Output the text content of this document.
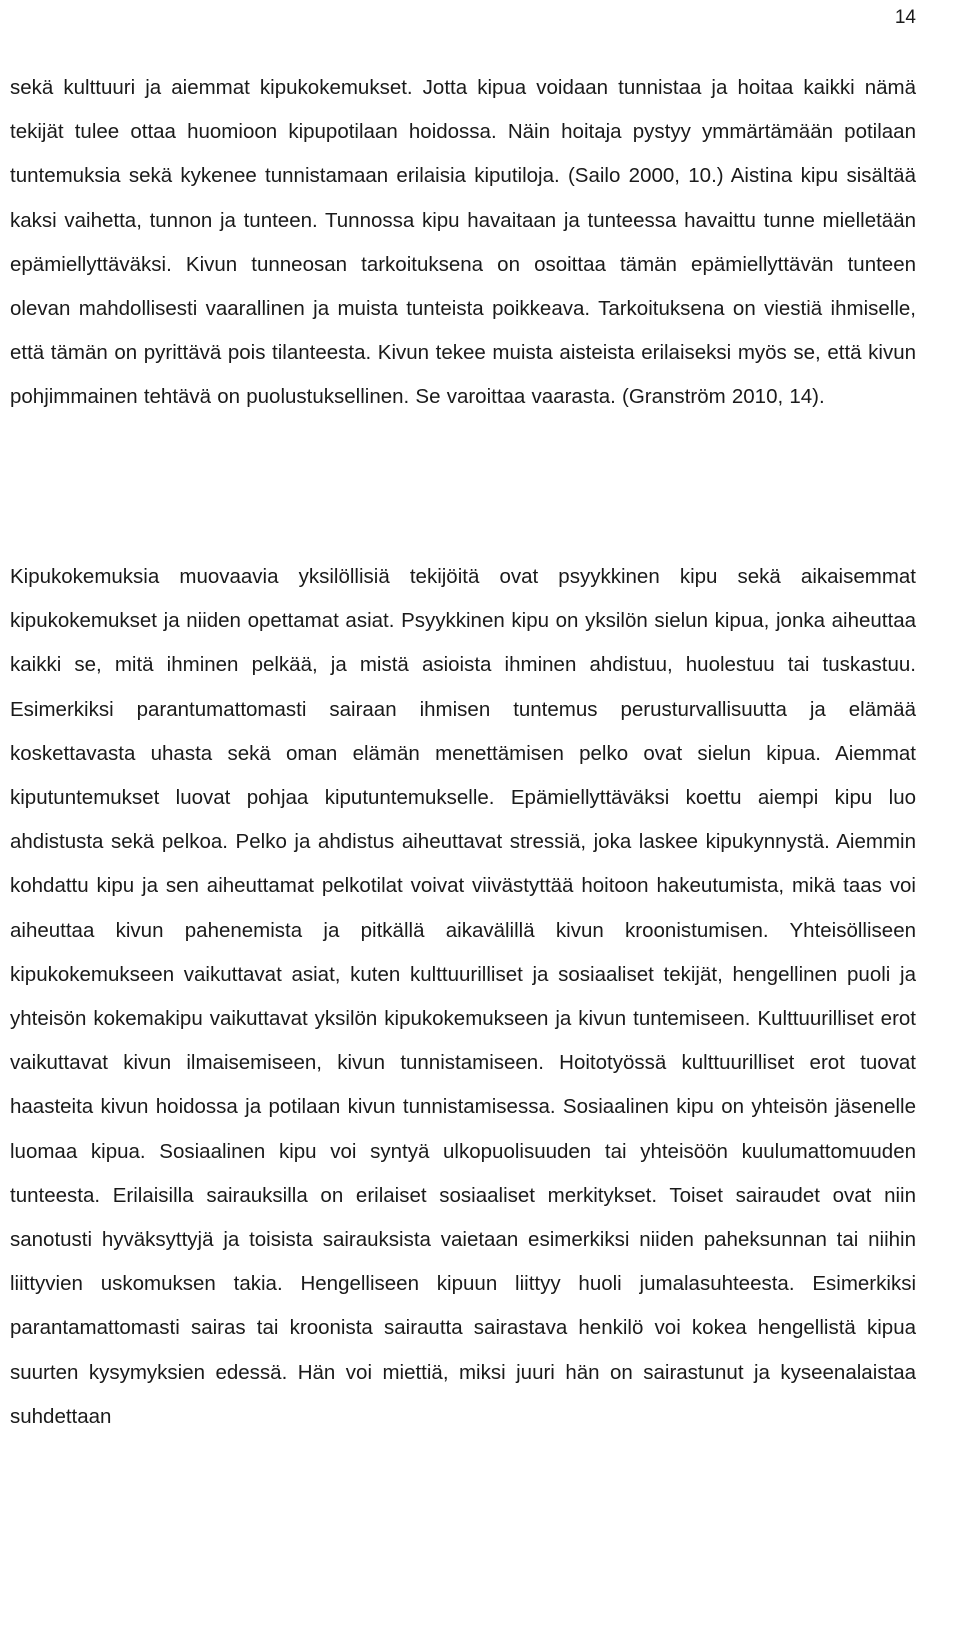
14

sekä kulttuuri ja aiemmat kipukokemukset. Jotta kipua voidaan tunnistaa ja hoitaa kaikki nämä tekijät tulee ottaa huomioon kipupotilaan hoidossa. Näin hoitaja pystyy ymmärtämään potilaan tuntemuksia sekä kykenee tunnistamaan erilaisia kiputiloja. (Sailo 2000, 10.) Aistina kipu sisältää kaksi vaihetta, tunnon ja tunteen. Tunnossa kipu havaitaan ja tunteessa havaittu tunne mielletään epämiellyttäväksi. Kivun tunneosan tarkoituksena on osoittaa tämän epämiellyttävän tunteen olevan mahdollisesti vaarallinen ja muista tunteista poikkeava. Tarkoituksena on viestiä ihmiselle, että tämän on pyrittävä pois tilanteesta. Kivun tekee muista aisteista erilaiseksi myös se, että kivun pohjimmainen tehtävä on puolustuksellinen. Se varoittaa vaarasta. (Granström 2010, 14).

Kipukokemuksia muovaavia yksilöllisiä tekijöitä ovat psyykkinen kipu sekä aikaisemmat kipukokemukset ja niiden opettamat asiat. Psyykkinen kipu on yksilön sielun kipua, jonka aiheuttaa kaikki se, mitä ihminen pelkää, ja mistä asioista ihminen ahdistuu, huolestuu tai tuskastuu. Esimerkiksi parantumattomasti sairaan ihmisen tuntemus perusturvallisuutta ja elämää koskettavasta uhasta sekä oman elämän menettämisen pelko ovat sielun kipua. Aiemmat kiputuntemukset luovat pohjaa kiputuntemukselle. Epämiellyttäväksi koettu aiempi kipu luo ahdistusta sekä pelkoa. Pelko ja ahdistus aiheuttavat stressiä, joka laskee kipukynnystä. Aiemmin kohdattu kipu ja sen aiheuttamat pelkotilat voivat viivästyttää hoitoon hakeutumista, mikä taas voi aiheuttaa kivun pahenemista ja pitkällä aikavälillä kivun kroonistumisen. Yhteisölliseen kipukokemukseen vaikuttavat asiat, kuten kulttuurilliset ja sosiaaliset tekijät, hengellinen puoli ja yhteisön kokemakipu vaikuttavat yksilön kipukokemukseen ja kivun tuntemiseen. Kulttuurilliset erot vaikuttavat kivun ilmaisemiseen, kivun tunnistamiseen. Hoitotyössä kulttuurilliset erot tuovat haasteita kivun hoidossa ja potilaan kivun tunnistamisessa. Sosiaalinen kipu on yhteisön jäsenelle luomaa kipua. Sosiaalinen kipu voi syntyä ulkopuolisuuden tai yhteisöön kuulumattomuuden tunteesta. Erilaisilla sairauksilla on erilaiset sosiaaliset merkitykset. Toiset sairaudet ovat niin sanotusti hyväksyttyjä ja toisista sairauksista vaietaan esimerkiksi niiden paheksunnan tai niihin liittyvien uskomuksen takia. Hengelliseen kipuun liittyy huoli jumalasuhteesta. Esimerkiksi parantamattomasti sairas tai kroonista sairautta sairastava henkilö voi kokea hengellistä kipua suurten kysymyksien edessä. Hän voi miettiä, miksi juuri hän on sairastunut ja kyseenalaistaa suhdettaan
